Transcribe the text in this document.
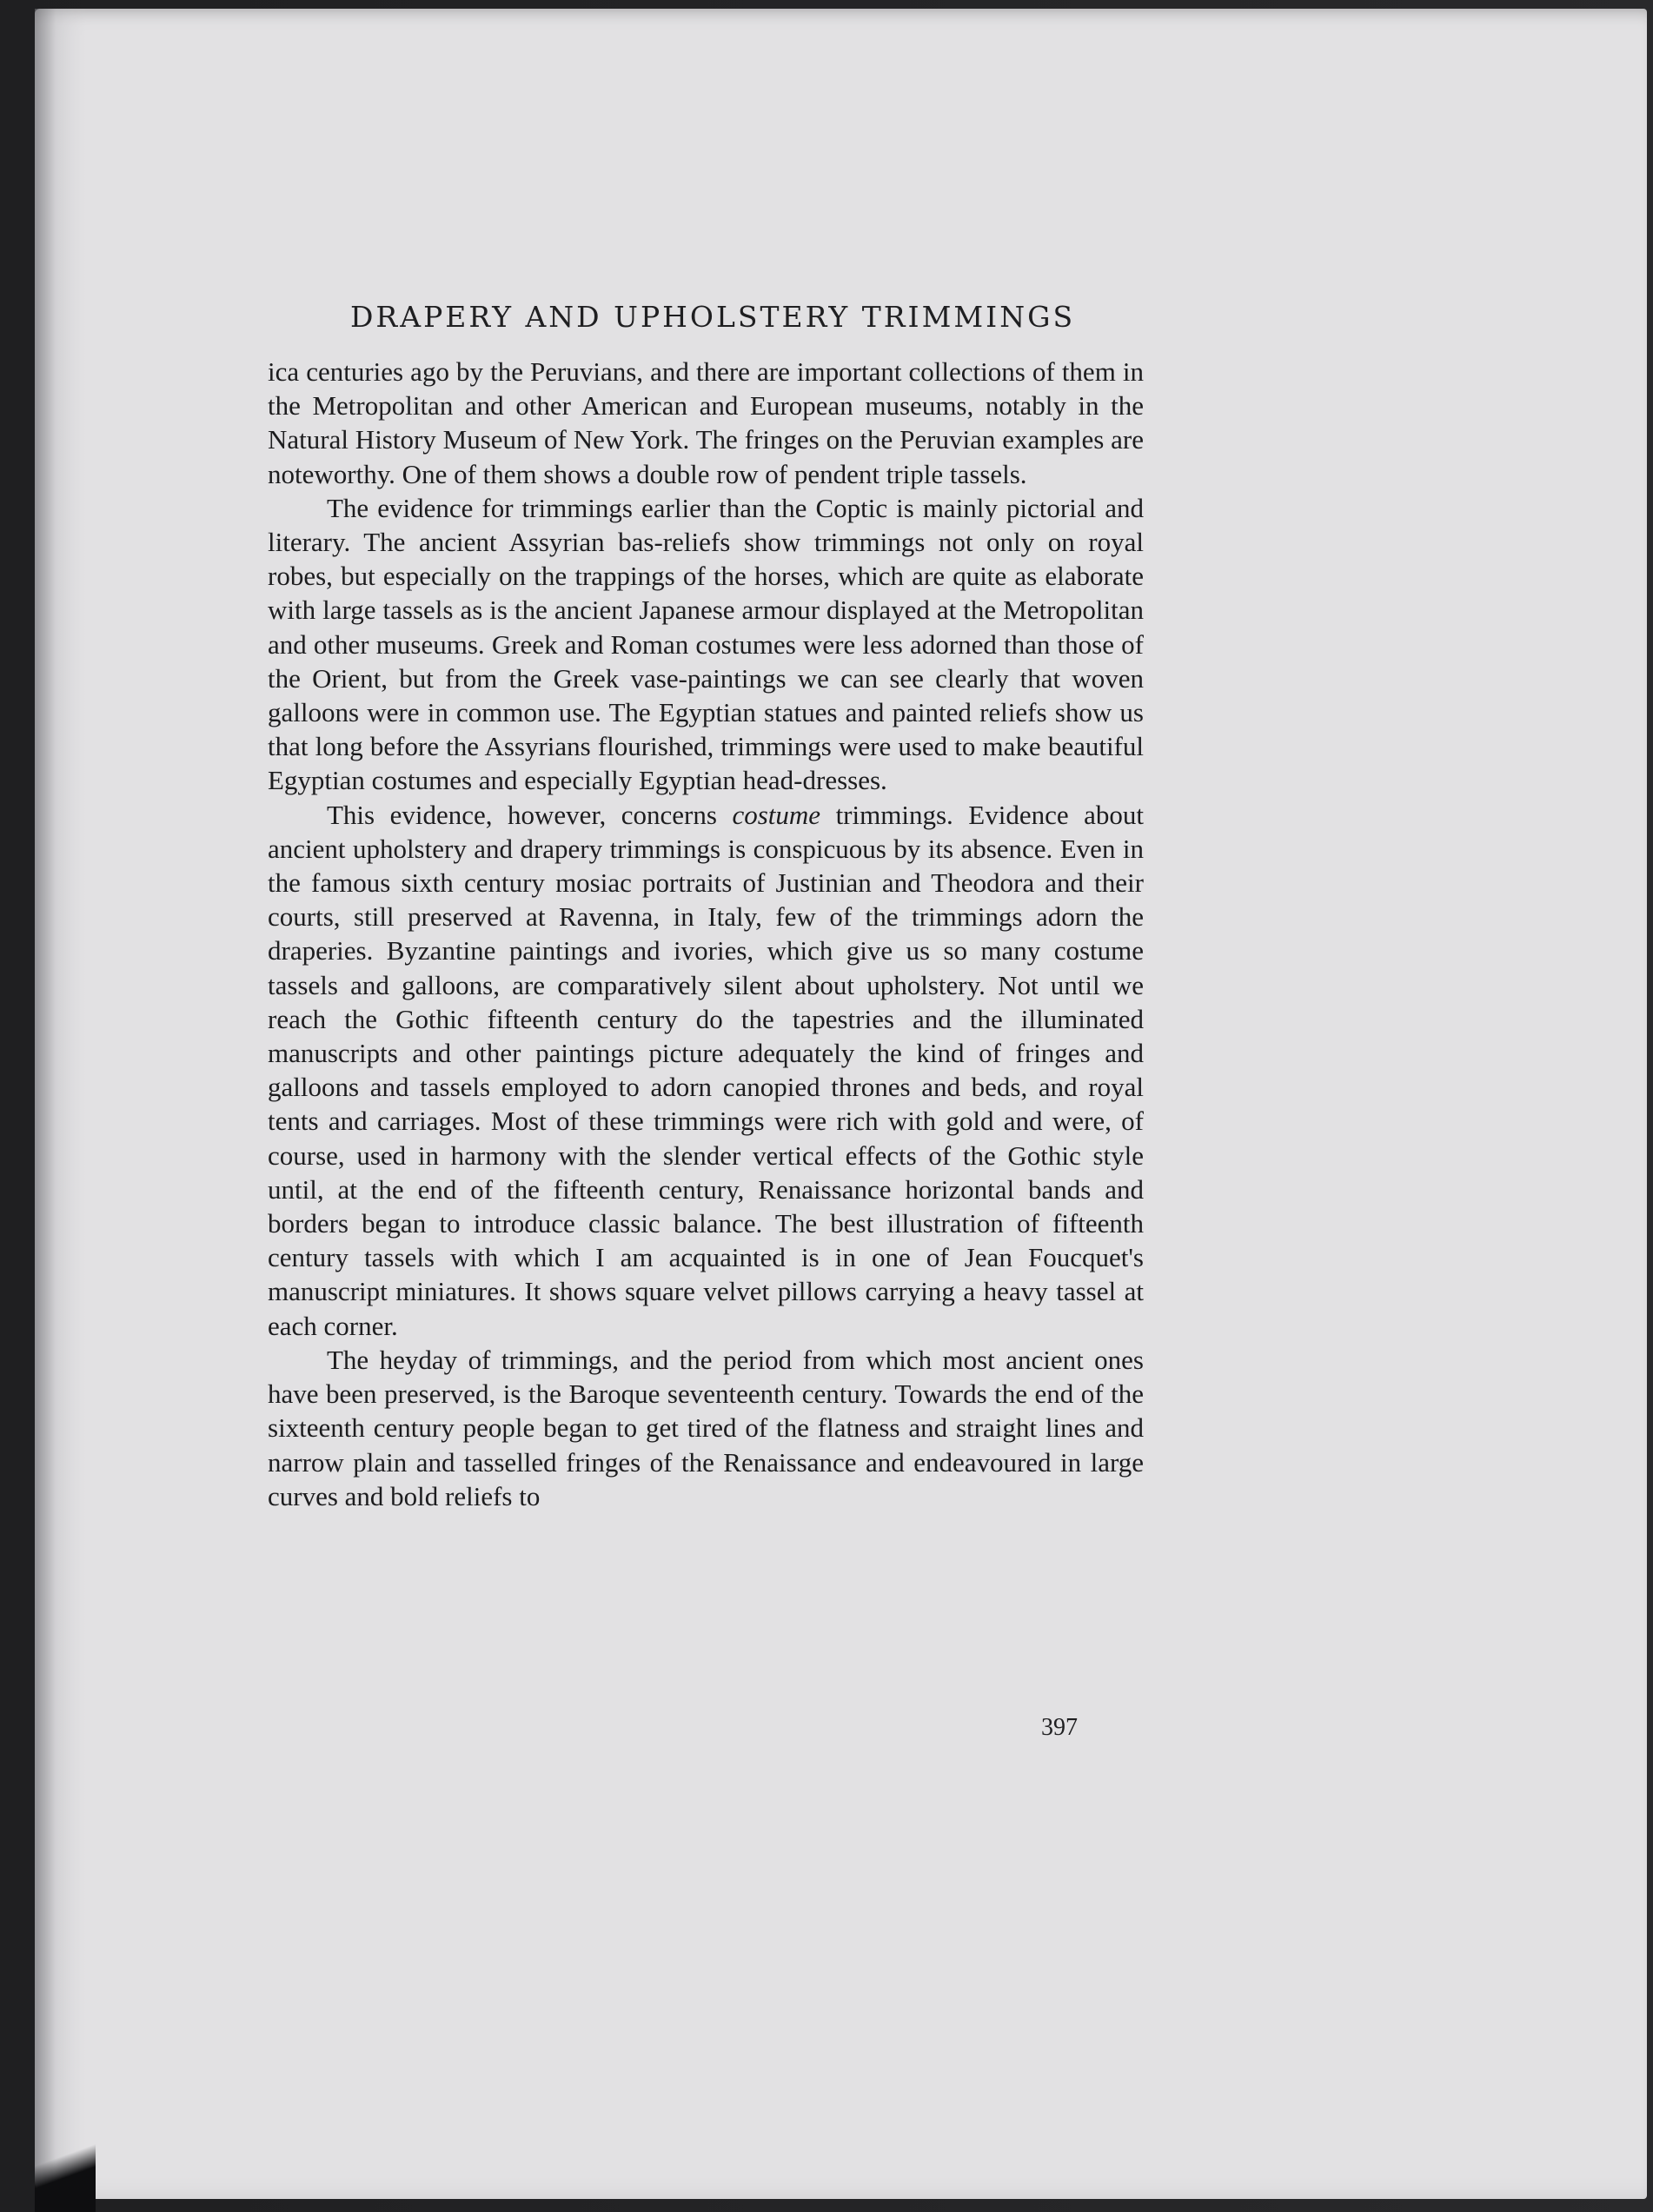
DRAPERY AND UPHOLSTERY TRIMMINGS

ica centuries ago by the Peruvians, and there are important collections of them in the Metropolitan and other American and European museums, notably in the Natural History Museum of New York. The fringes on the Peruvian examples are noteworthy. One of them shows a double row of pendent triple tassels.

The evidence for trimmings earlier than the Coptic is mainly pictorial and literary. The ancient Assyrian bas-reliefs show trimmings not only on royal robes, but especially on the trappings of the horses, which are quite as elaborate with large tassels as is the ancient Japanese armour displayed at the Metropolitan and other museums. Greek and Roman costumes were less adorned than those of the Orient, but from the Greek vase-paintings we can see clearly that woven galloons were in common use. The Egyptian statues and painted reliefs show us that long before the Assyrians flourished, trimmings were used to make beautiful Egyptian costumes and especially Egyptian head-dresses.

This evidence, however, concerns costume trimmings. Evidence about ancient upholstery and drapery trimmings is conspicuous by its absence. Even in the famous sixth century mosiac portraits of Justinian and Theodora and their courts, still preserved at Ravenna, in Italy, few of the trimmings adorn the draperies. Byzantine paintings and ivories, which give us so many costume tassels and galloons, are comparatively silent about upholstery. Not until we reach the Gothic fifteenth century do the tapestries and the illuminated manuscripts and other paintings picture adequately the kind of fringes and galloons and tassels employed to adorn canopied thrones and beds, and royal tents and carriages. Most of these trimmings were rich with gold and were, of course, used in harmony with the slender vertical effects of the Gothic style until, at the end of the fifteenth century, Renaissance horizontal bands and borders began to introduce classic balance. The best illustration of fifteenth century tassels with which I am acquainted is in one of Jean Foucquet's manuscript miniatures. It shows square velvet pillows carrying a heavy tassel at each corner.

The heyday of trimmings, and the period from which most ancient ones have been preserved, is the Baroque seventeenth century. Towards the end of the sixteenth century people began to get tired of the flatness and straight lines and narrow plain and tasselled fringes of the Renaissance and endeavoured in large curves and bold reliefs to

397
